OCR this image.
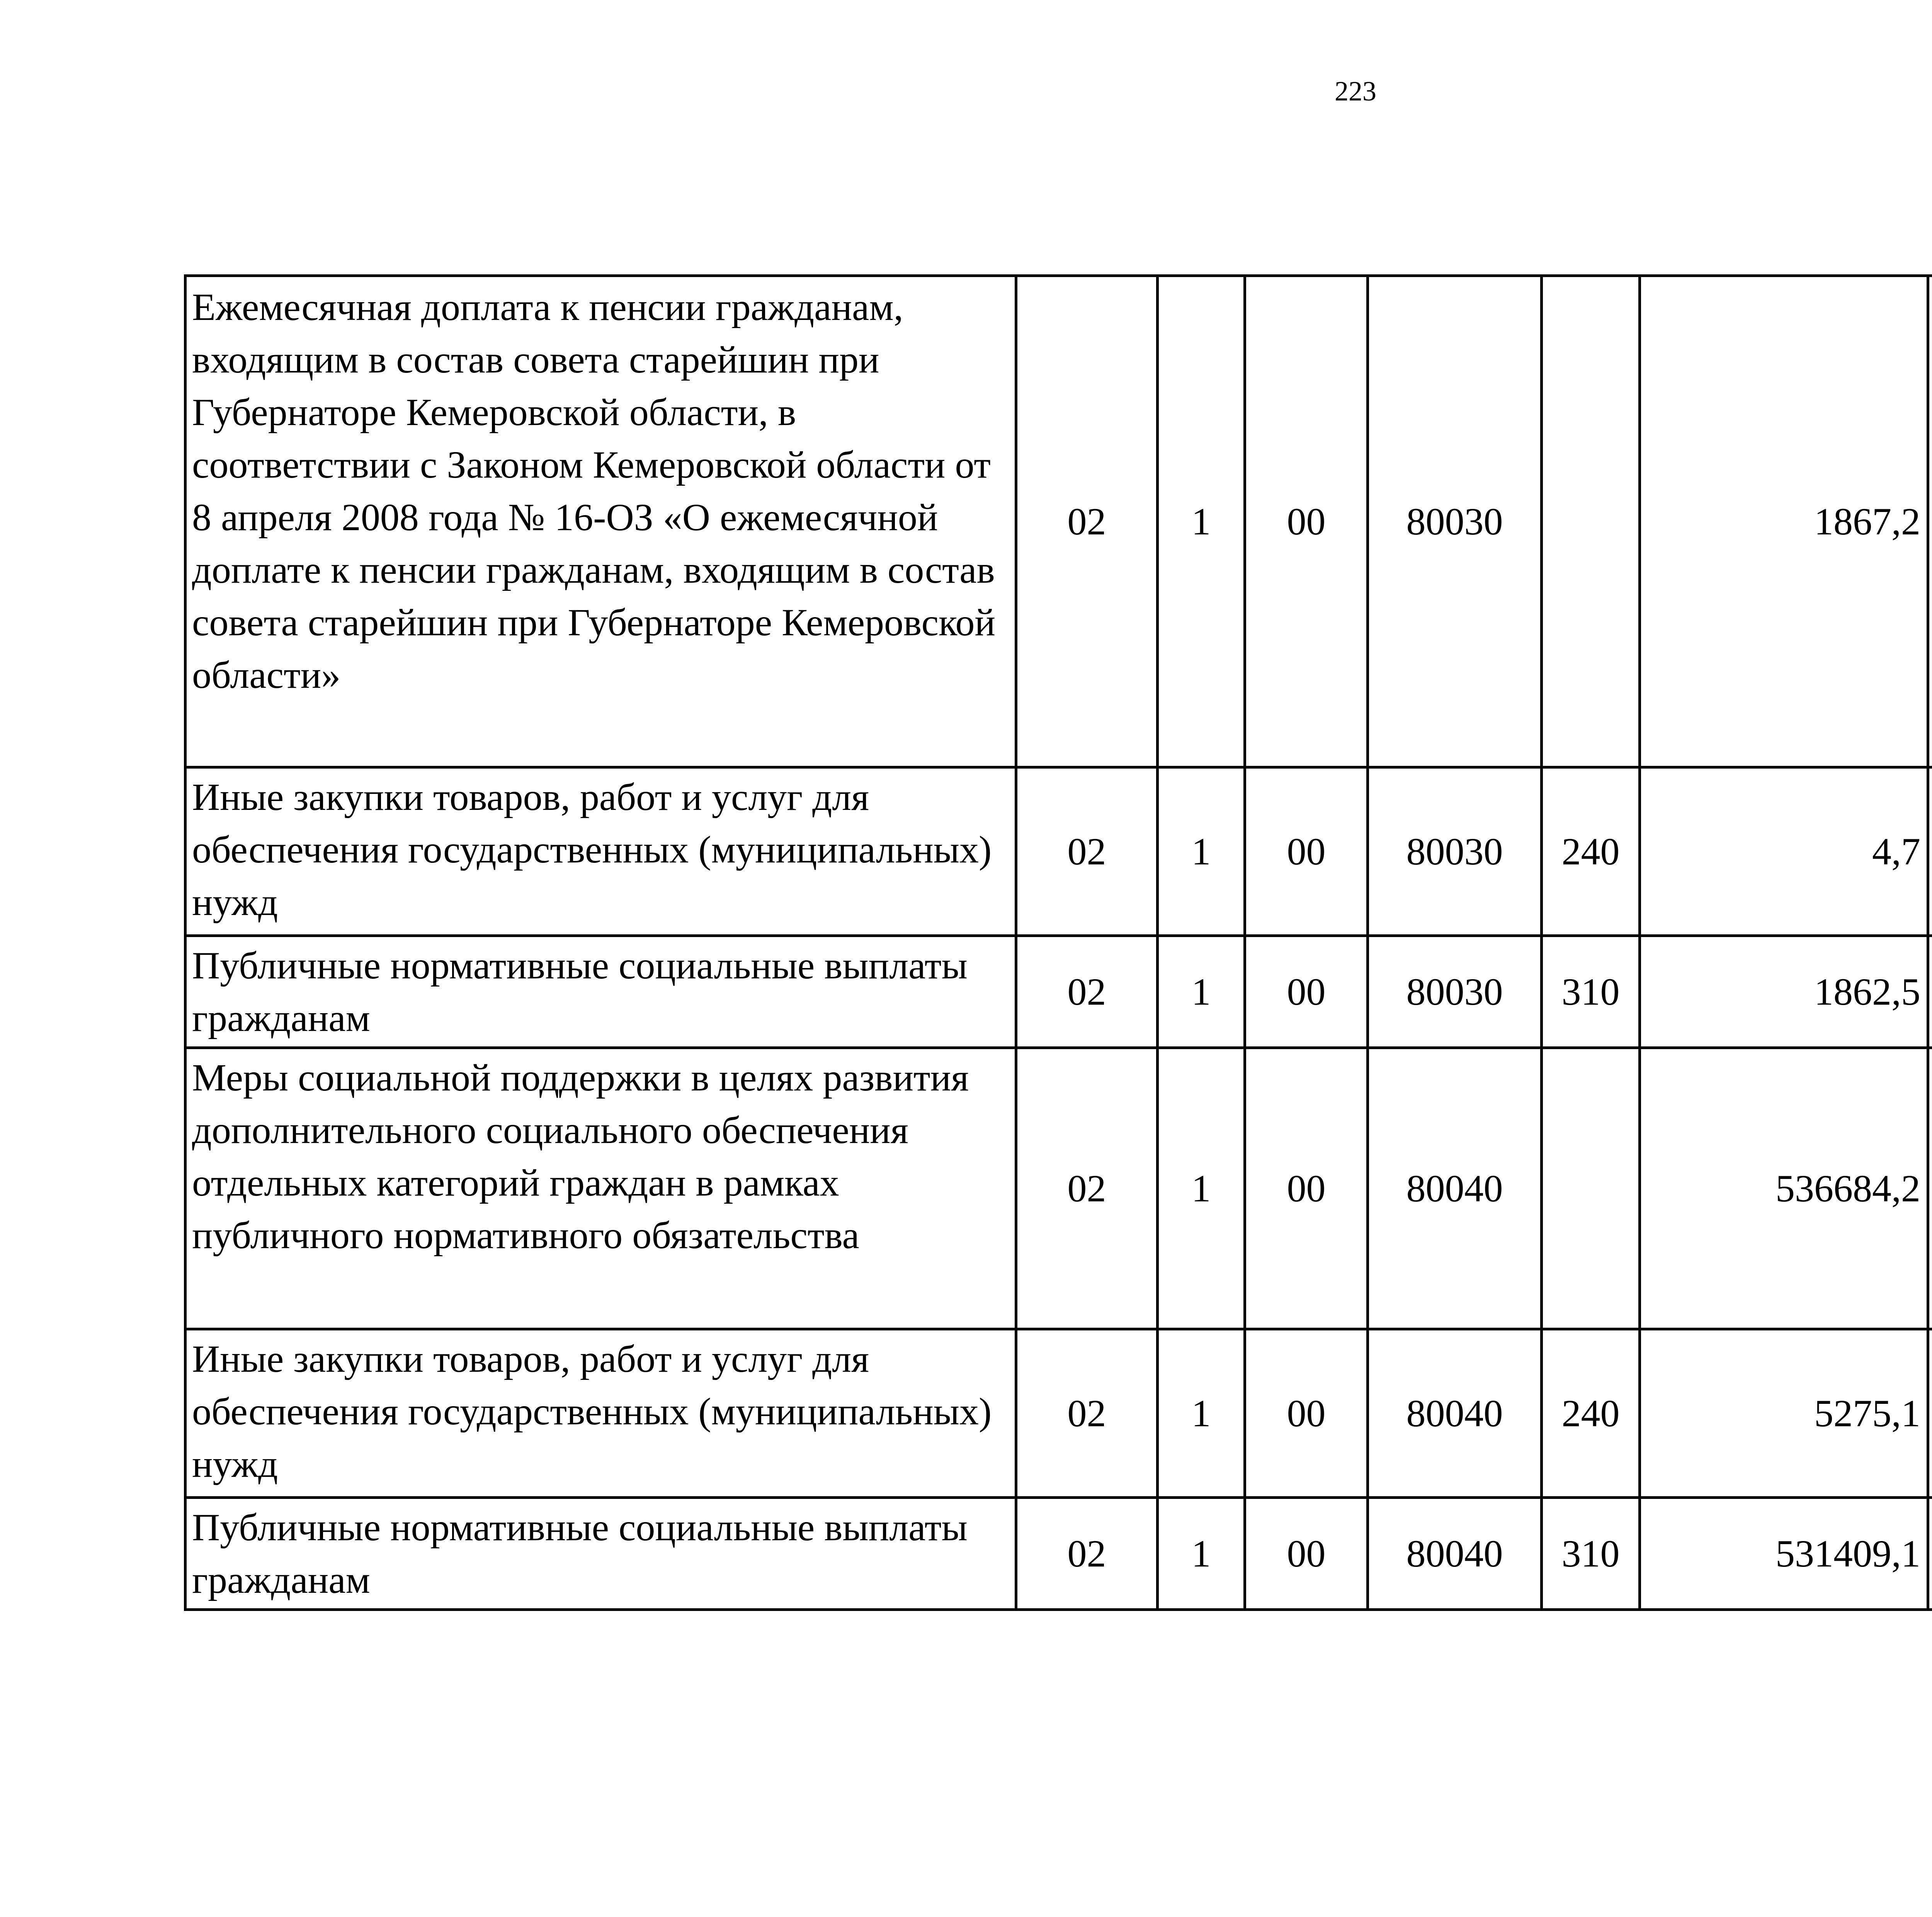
223
Ежемесячная доплата к пенсии гражданам, входящим в состав совета старейшин при Губернаторе Кемеровской области, в соответствии с Законом Кемеровской области от 8 апреля 2008 года № 16-ОЗ «О ежемесячной доплате к пенсии гражданам, входящим в состав совета старейшин при Губернаторе Кемеровской области»	02	1	00	80030		1867,2		
Иные закупки товаров, работ и услуг для обеспечения государственных (муниципальных) нужд	02	1	00	80030	240	4,7		
Публичные нормативные социальные выплаты гражданам	02	1	00	80030	310	1862,5		
Меры социальной поддержки в целях развития дополнительного социального обеспечения отдельных категорий граждан в рамках публичного нормативного обязательства	02	1	00	80040		536684,2		
Иные закупки товаров, работ и услуг для обеспечения государственных (муниципальных) нужд	02	1	00	80040	240	5275,1		
Публичные нормативные социальные выплаты гражданам	02	1	00	80040	310	531409,1		
